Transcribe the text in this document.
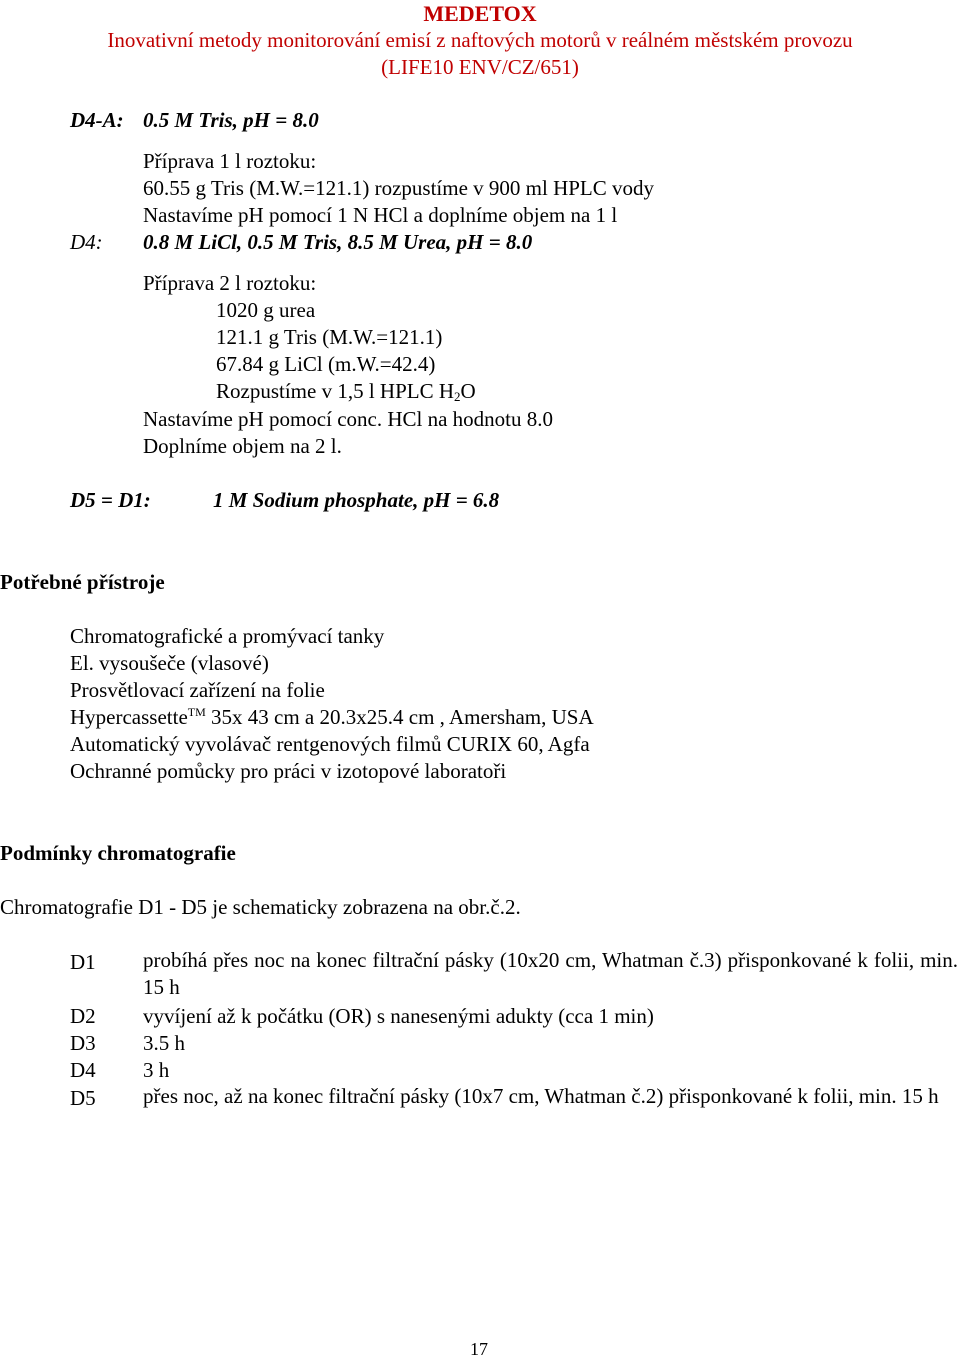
MEDETOX
Inovativní metody monitorování emisí z naftových motorů v reálném městském provozu
(LIFE10 ENV/CZ/651)
D4-A: 0.5 M Tris, pH = 8.0
Příprava 1 l roztoku:
60.55 g Tris (M.W.=121.1) rozpustíme v 900 ml HPLC vody
Nastavíme pH pomocí 1 N HCl a doplníme objem na 1 l
D4: 0.8 M LiCl, 0.5 M Tris, 8.5 M Urea, pH = 8.0
Příprava 2 l roztoku:
1020 g urea
121.1 g Tris (M.W.=121.1)
67.84 g LiCl (m.W.=42.4)
Rozpustíme v 1,5 l HPLC $H_2O$
Nastavíme pH pomocí conc. HCl na hodnotu 8.0
Doplníme objem na 2 l.
D5 = D1:	1 M Sodium phosphate, pH = 6.8
Potřebné přístroje
Chromatografické a promývací tanky
El. vysoušeče (vlasové)
Prosvětlovací zařízení na folie
Hypercassette™ 35x 43 cm a 20.3x25.4 cm , Amersham, USA
Automatický vyvolávač rentgenových filmů CURIX 60, Agfa
Ochranné pomůcky pro práci v izotopové laboratoři
Podmínky chromatografie
Chromatografie D1 - D5 je schematicky zobrazena na obr.č.2.
D1 probíhá přes noc na konec filtrační pásky (10x20 cm, Whatman č.3) přisponkované k folii, min. 15 h
D2 vyvíjení až k počátku (OR) s nanesenými adukty (cca 1 min)
D3 3.5 h
D4 3 h
D5 přes noc, až na konec filtrační pásky (10x7 cm, Whatman č.2) přisponkované k folii, min. 15 h
17
